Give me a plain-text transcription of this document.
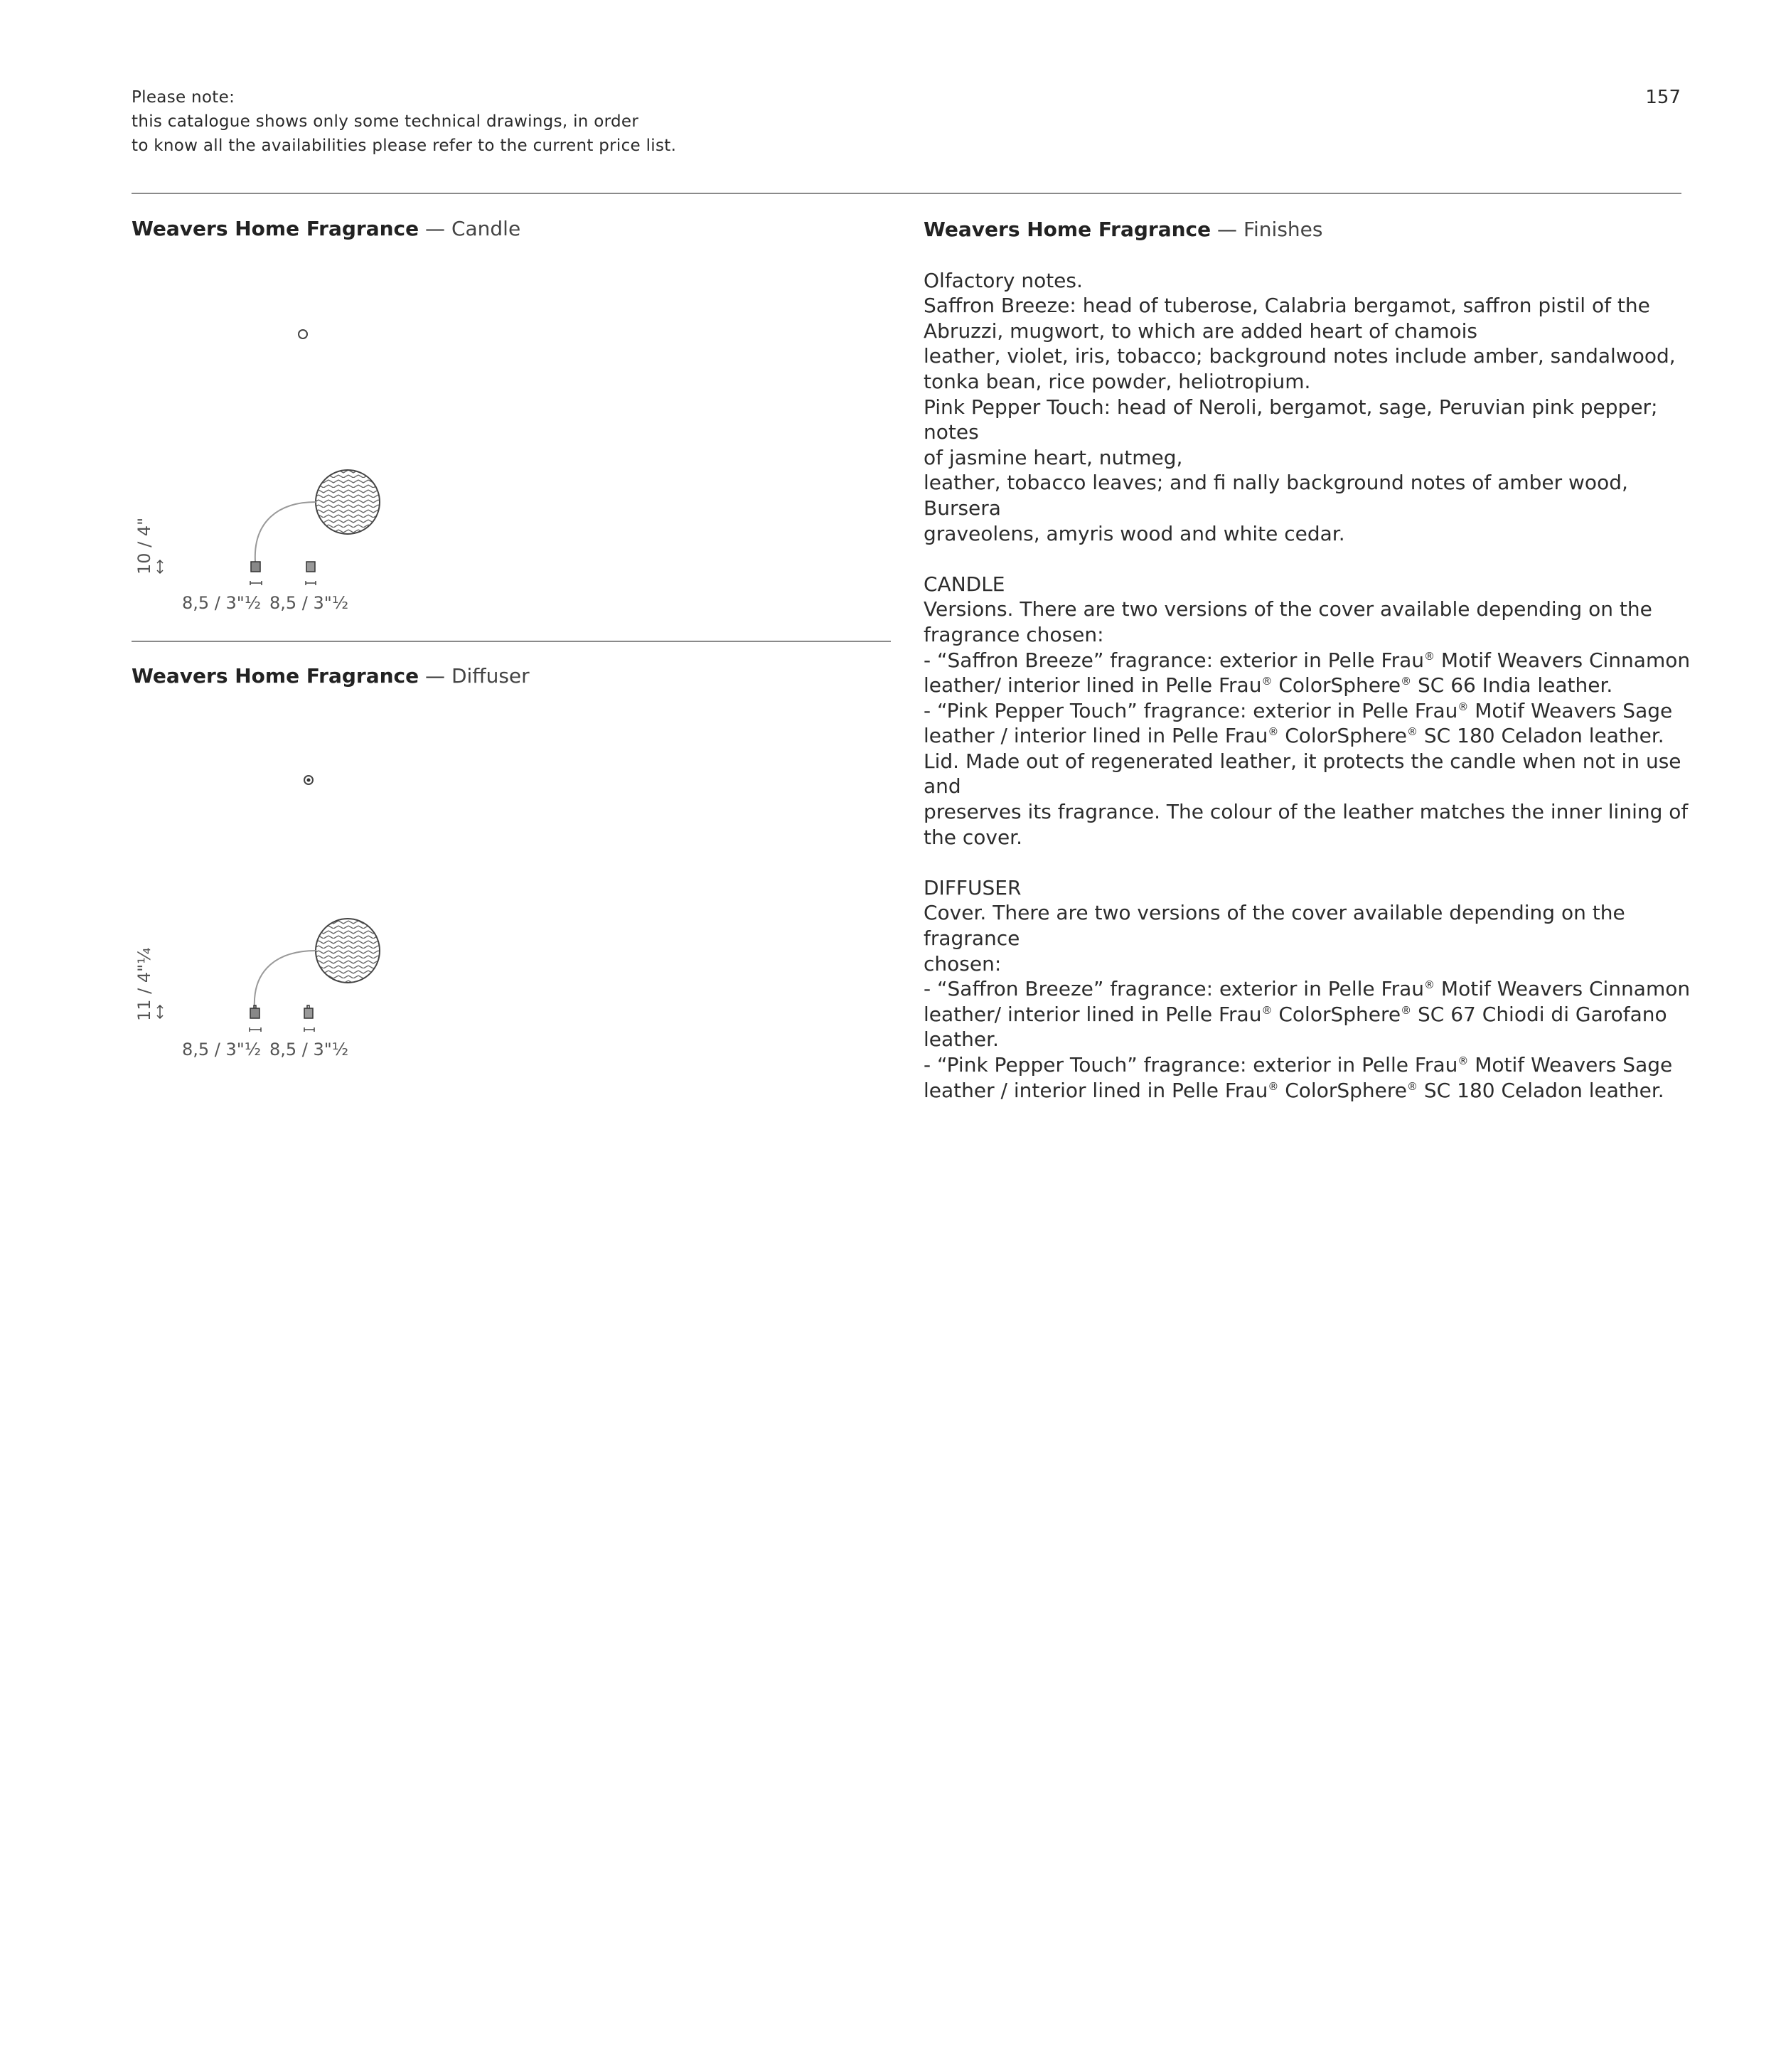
Please note:
this catalogue shows only some technical drawings, in order
to know all the availabilities please refer to the current price list.
157
Weavers Home Fragrance — Candle
10 / 4"
8,5 / 3"½ 8,5 / 3"½
Weavers Home Fragrance — Diffuser
11 / 4"¼
8,5 / 3"½ 8,5 / 3"½

Weavers Home Fragrance — Finishes

Olfactory notes.

Saffron Breeze: head of tuberose, Calabria bergamot, saffron pistil of the

Abruzzi, mugwort, to which are added heart of chamois

leather, violet, iris, tobacco; background notes include amber, sandalwood,

tonka bean, rice powder, heliotropium.

Pink Pepper Touch: head of Neroli, bergamot, sage, Peruvian pink pepper; notes

of jasmine heart, nutmeg,

leather, tobacco leaves; and fi nally background notes of amber wood, Bursera

graveolens, amyris wood and white cedar.

CANDLE

Versions. There are two versions of the cover available depending on the

fragrance chosen:

- “Saffron Breeze” fragrance: exterior in Pelle Frau® Motif Weavers Cinnamon

leather/ interior lined in Pelle Frau® ColorSphere® SC 66 India leather.

- “Pink Pepper Touch” fragrance: exterior in Pelle Frau® Motif Weavers Sage

leather / interior lined in Pelle Frau® ColorSphere® SC 180 Celadon leather.

Lid. Made out of regenerated leather, it protects the candle when not in use and

preserves its fragrance. The colour of the leather matches the inner lining of

the cover.

DIFFUSER

Cover. There are two versions of the cover available depending on the fragrance

chosen:

- “Saffron Breeze” fragrance: exterior in Pelle Frau® Motif Weavers Cinnamon

leather/ interior lined in Pelle Frau® ColorSphere® SC 67 Chiodi di Garofano

leather.

- “Pink Pepper Touch” fragrance: exterior in Pelle Frau® Motif Weavers Sage

leather / interior lined in Pelle Frau® ColorSphere® SC 180 Celadon leather.
